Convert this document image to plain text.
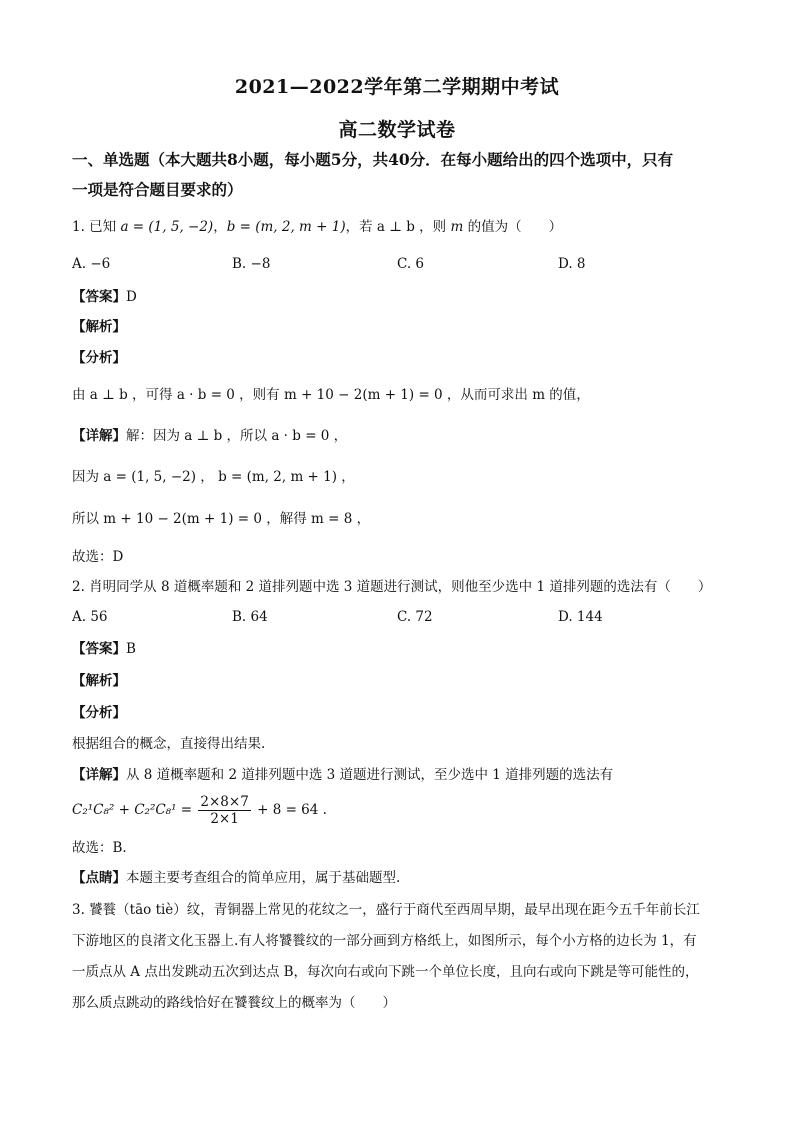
2021—2022学年第二学期期中考试
高二数学试卷
一、单选题（本大题共8小题，每小题5分，共40分．在每小题给出的四个选项中，只有
一项是符合题目要求的）
1. 已知 a = (1, 5, −2)，b = (m, 2, m + 1)，若 a ⊥ b ，则 m 的值为（　　）
A. −6	B. −8	C. 6	D. 8
【答案】D
【解析】
【分析】
由 a ⊥ b ，可得 a · b = 0 ，则有 m + 10 − 2(m + 1) = 0 ，从而可求出 m 的值，
【详解】解：因为 a ⊥ b ，所以 a · b = 0 ，
因为 a = (1, 5, −2) ， b = (m, 2, m + 1) ，
所以 m + 10 − 2(m + 1) = 0 ，解得 m = 8 ，
故选：D
2. 肖明同学从 8 道概率题和 2 道排列题中选 3 道题进行测试，则他至少选中 1 道排列题的选法有（　　）
A. 56	B. 64	C. 72	D. 144
【答案】B
【解析】
【分析】
根据组合的概念，直接得出结果.
【详解】从 8 道概率题和 2 道排列题中选 3 道题进行测试，至少选中 1 道排列题的选法有
$C_2^1C_8^2 + C_2^2C_8^1 = \frac{2\times 8\times 7}{2\times 1} + 8 = 64$ .
故选：B.
【点睛】本题主要考查组合的简单应用，属于基础题型.
3. 饕餮（tāo tiè）纹，青铜器上常见的花纹之一，盛行于商代至西周早期，最早出现在距今五千年前长江
下游地区的良渚文化玉器上.有人将饕餮纹的一部分画到方格纸上，如图所示，每个小方格的边长为 1，有
一质点从 A 点出发跳动五次到达点 B，每次向右或向下跳一个单位长度，且向右或向下跳是等可能性的，
那么质点跳动的路线恰好在饕餮纹上的概率为（　　）
